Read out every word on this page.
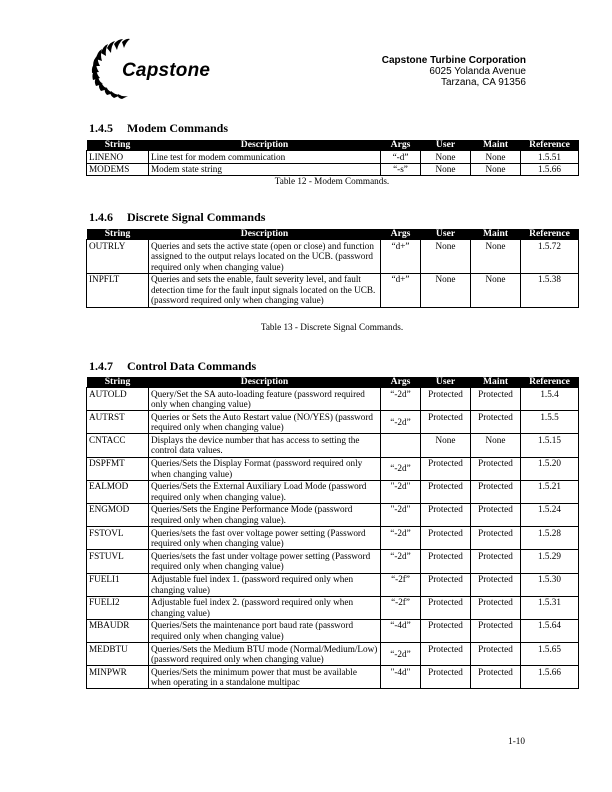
Capstone	Capstone Turbine Corporation
6025 Yolanda Avenue
Tarzana, CA 91356
1.4.5 Modem Commands
String	Description	Args	User	Maint	Reference
LINENO	Line test for modem communication	“-d”	None	None	1.5.51
MODEMS	Modem state string	“-s”	None	None	1.5.66
Table 12 - Modem Commands.
1.4.6 Discrete Signal Commands
String	Description	Args	User	Maint	Reference
OUTRLY	Queries and sets the active state (open or close) and function assigned to the output relays located on the UCB. (password required only when changing value)	“d+”	None	None	1.5.72
INPFLT	Queries and sets the enable, fault severity level, and fault detection time for the fault input signals located on the UCB. (password required only when changing value)	“d+”	None	None	1.5.38
Table 13 - Discrete Signal Commands.
1.4.7 Control Data Commands
String	Description	Args	User	Maint	Reference
AUTOLD	Query/Set the SA auto-loading feature (password required only when changing value)	“-2d”	Protected	Protected	1.5.4
AUTRST	Queries or Sets the Auto Restart value (NO/YES) (password required only when changing value)	“-2d”	Protected	Protected	1.5.5
CNTACC	Displays the device number that has access to setting the control data values.		None	None	1.5.15
DSPFMT	Queries/Sets the Display Format (password required only when changing value)	“-2d”	Protected	Protected	1.5.20
EALMOD	Queries/Sets the External Auxiliary Load Mode (password required only when changing value).	"-2d"	Protected	Protected	1.5.21
ENGMOD	Queries/Sets the Engine Performance Mode (password required only when changing value).	"-2d"	Protected	Protected	1.5.24
FSTOVL	Queries/sets the fast over voltage power setting (Password required only when changing value)	“-2d”	Protected	Protected	1.5.28
FSTUVL	Queries/sets the fast under voltage power setting (Password required only when changing value)	“-2d”	Protected	Protected	1.5.29
FUELI1	Adjustable fuel index 1. (password required only when changing value)	“-2f”	Protected	Protected	1.5.30
FUELI2	Adjustable fuel index 2. (password required only when changing value)	“-2f”	Protected	Protected	1.5.31
MBAUDR	Queries/Sets the maintenance port baud rate (password required only when changing value)	“-4d”	Protected	Protected	1.5.64
MEDBTU	Queries/Sets the Medium BTU mode (Normal/Medium/Low) (password required only when changing value)	“-2d”	Protected	Protected	1.5.65
MINPWR	Queries/Sets the minimum power that must be available when operating in a standalone multipac	"-4d"	Protected	Protected	1.5.66
1-10
